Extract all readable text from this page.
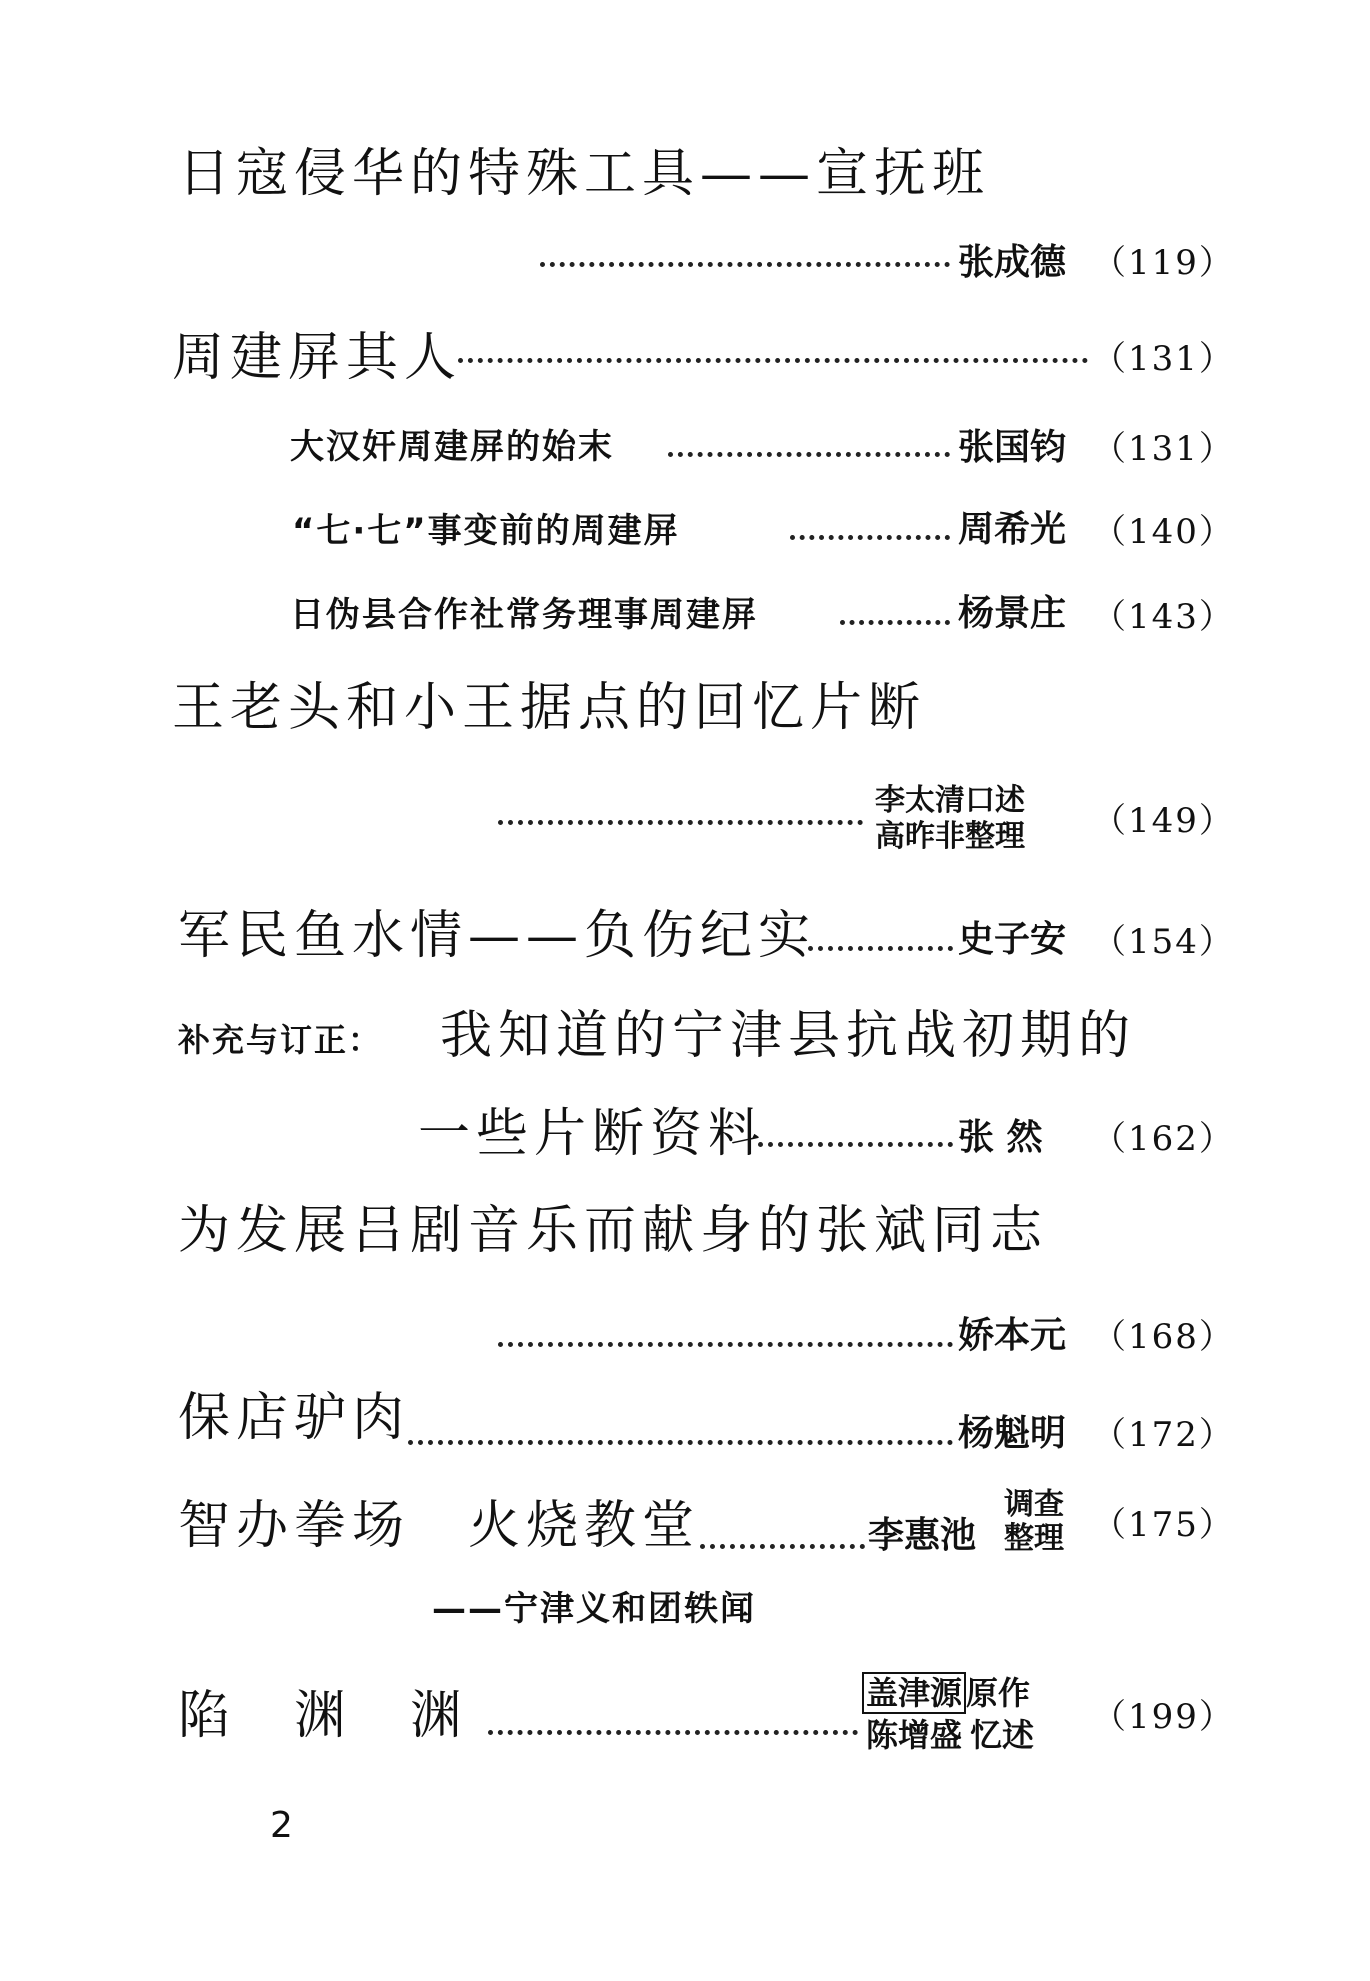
日寇侵华的特殊工具——宣抚班
张成德 （119）
周建屏其人	（131）
大汉奸周建屏的始末	张国钧 （131）
“七·七”事变前的周建屏	周希光 （140）
日伪县合作社常务理事周建屏	杨景庄 （143）
王老头和小王据点的回忆片断
李太清口述
高昨非整理 （149）
军民鱼水情——负伤纪实	史子安 （154）
补充与订正： 我知道的宁津县抗战初期的
一些片断资料	张 然 （162）
为发展吕剧音乐而献身的张斌同志
娇本元 （168）
保店驴肉	杨魁明 （172）
智办拳场　火烧教堂	李惠池
调查
整理 （175）
——宁津义和团轶闻
陷　渊　渊	盖津源 原作
陈增盛 忆述 （199）
2
